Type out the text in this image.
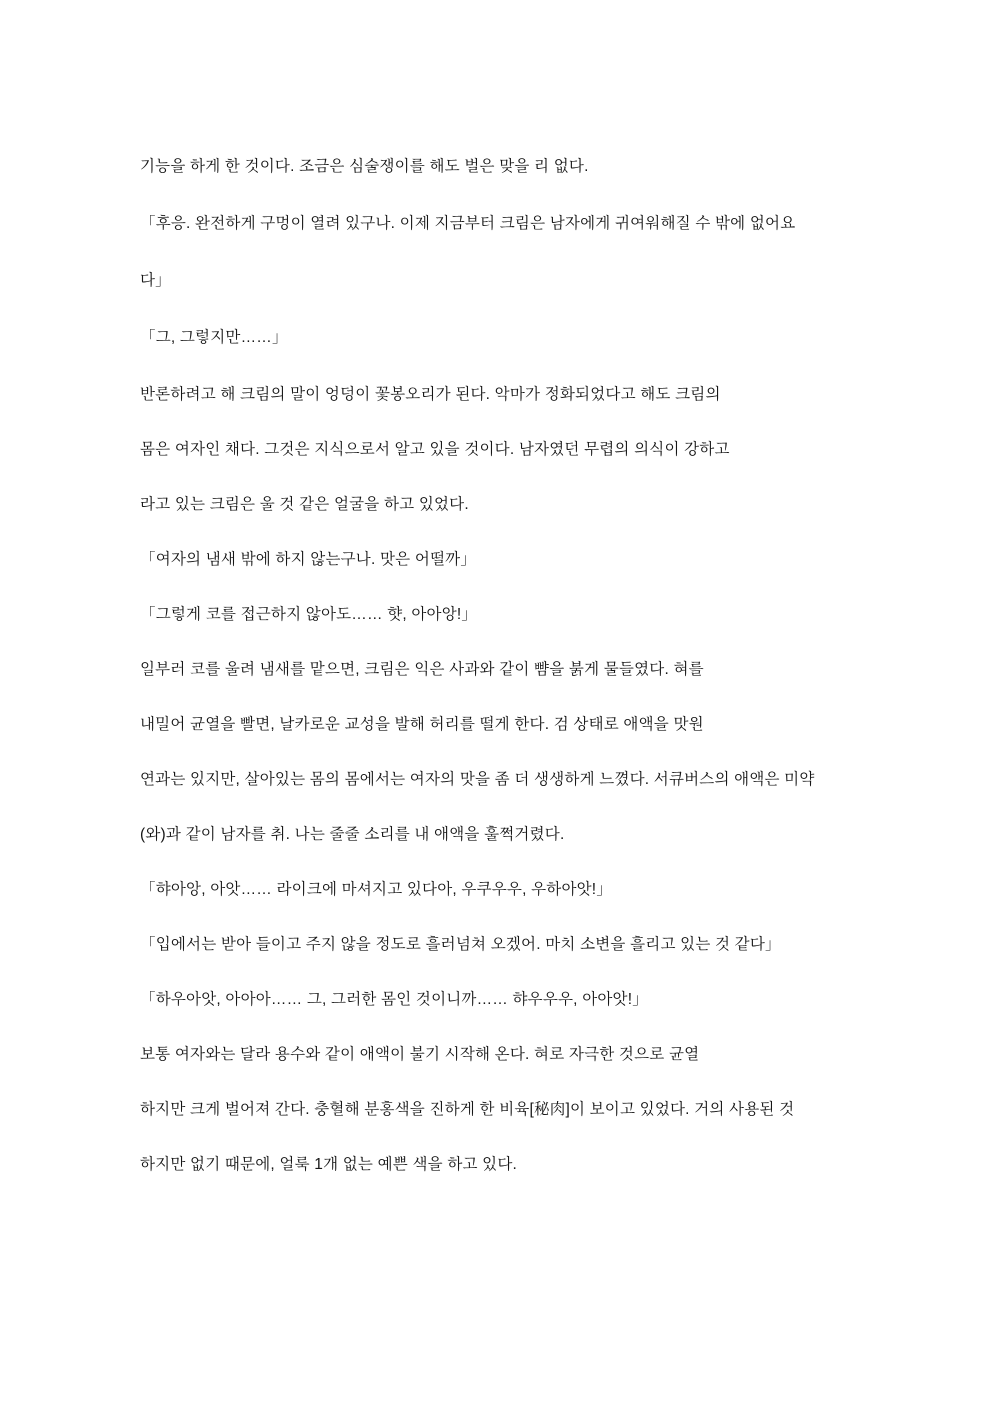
기능을 하게 한 것이다. 조금은 심술쟁이를 해도 벌은 맞을 리 없다.

「후응. 완전하게 구멍이 열려 있구나. 이제 지금부터 크림은 남자에게 귀여워해질 수 밖에 없어요

다」

「그, 그렇지만……」

반론하려고 해 크림의 말이 엉덩이 꽃봉오리가 된다. 악마가 정화되었다고 해도 크림의

몸은 여자인 채다. 그것은 지식으로서 알고 있을 것이다. 남자였던 무렵의 의식이 강하고

라고 있는 크림은 울 것 같은 얼굴을 하고 있었다.

「여자의 냄새 밖에 하지 않는구나. 맛은 어떨까」

「그렇게 코를 접근하지 않아도…… 햣, 아아앙!」

일부러 코를 울려 냄새를 맡으면, 크림은 익은 사과와 같이 뺨을 붉게 물들였다. 혀를

내밀어 균열을 빨면, 날카로운 교성을 발해 허리를 떨게 한다. 검 상태로 애액을 맛원

연과는 있지만, 살아있는 몸의 몸에서는 여자의 맛을 좀 더 생생하게 느꼈다. 서큐버스의 애액은 미약

(와)과 같이 남자를 취. 나는 줄줄 소리를 내 애액을 훌쩍거렸다.

「햐아앙, 아앗…… 라이크에 마셔지고 있다아, 우쿠우우, 우하아앗!」

「입에서는 받아 들이고 주지 않을 정도로 흘러넘쳐 오겠어. 마치 소변을 흘리고 있는 것 같다」

「하우아앗, 아아아…… 그, 그러한 몸인 것이니까…… 햐우우우, 아아앗!」

보통 여자와는 달라 용수와 같이 애액이 불기 시작해 온다. 혀로 자극한 것으로 균열

하지만 크게 벌어져 간다. 충혈해 분홍색을 진하게 한 비육[秘肉]이 보이고 있었다. 거의 사용된 것

하지만 없기 때문에, 얼룩 1개 없는 예쁜 색을 하고 있다.
